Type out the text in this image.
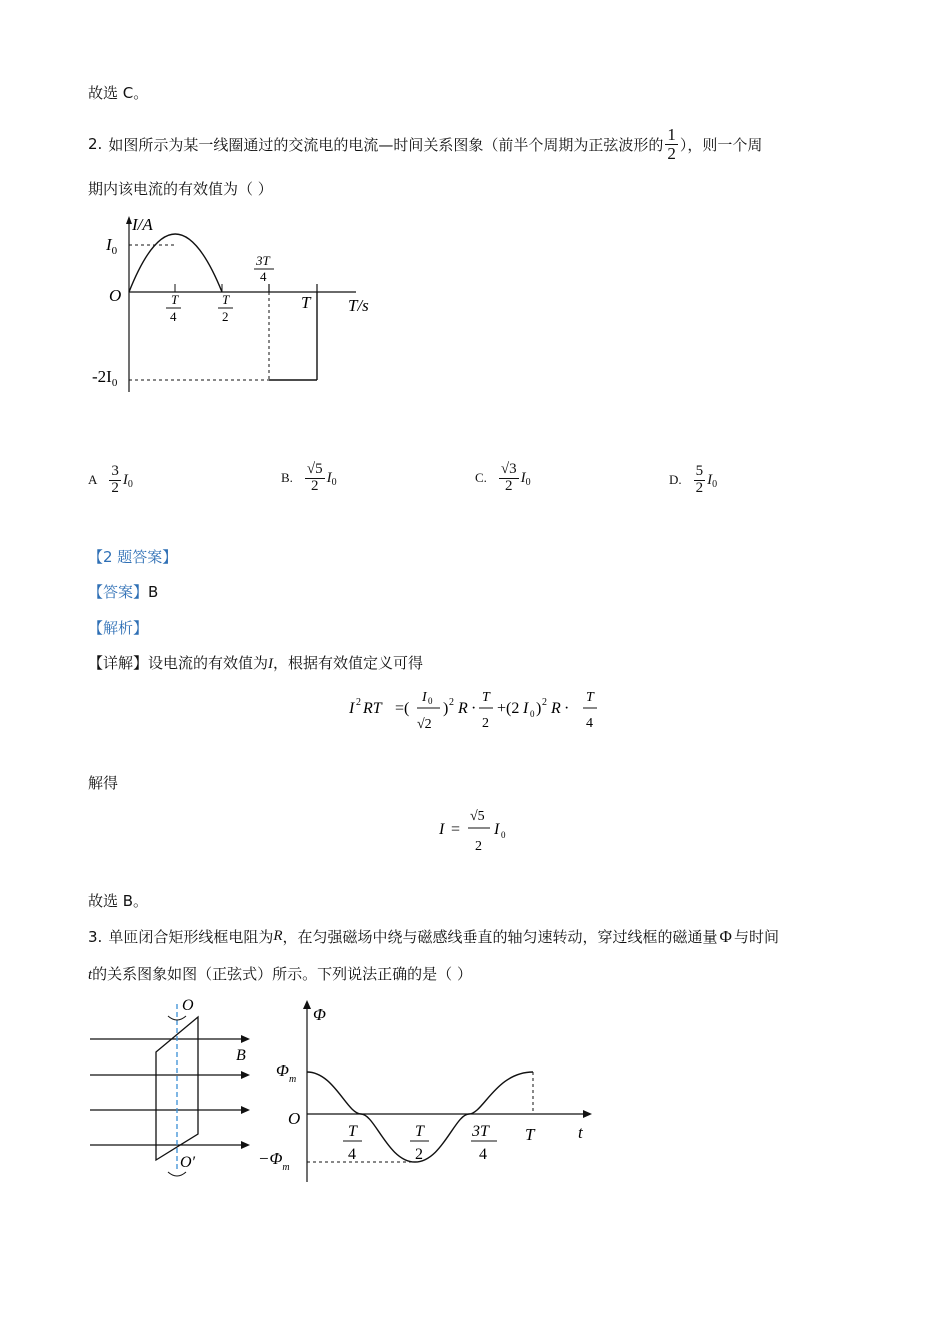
故选 C。
2. 如图所示为某一线圈通过的交流电的电流—时间关系图象（前半个周期为正弦波形的 $\frac{1}{2}$ ），则一个周
期内该电流的有效值为（ ）
I/A
$I_0$
O
$-2I_0$
T/s
T
4
T
2
3T
4
T
A $\frac{3}{2}$ I 0	B. $\frac{√5}{2}$ I 0	C. $\frac{√3}{2}$ I 0	D. $\frac{5}{2}$ I 0
【2 题答案】
【答案】B
【解析】
【详解】设电流的有效值为I，根据有效值定义可得
I 2 RT =(
I 0
√2
) 2 R ·
T
2
+(2 I 0 ) 2 R ·
T
4
解得
I =
√5
2
I 0
故选 B。
3. 单匝闭合矩形线框电阻为 R ，在匀强磁场中绕与磁感线垂直的轴匀速转动，穿过线框的磁通量 Φ 与时间
t的关系图象如图（正弦式）所示。下列说法正确的是（ ）
O
O′
B
Φ
$\Phi_m$
$-\Phi_m$
O
t
T
4
T
2
3T
4
T
